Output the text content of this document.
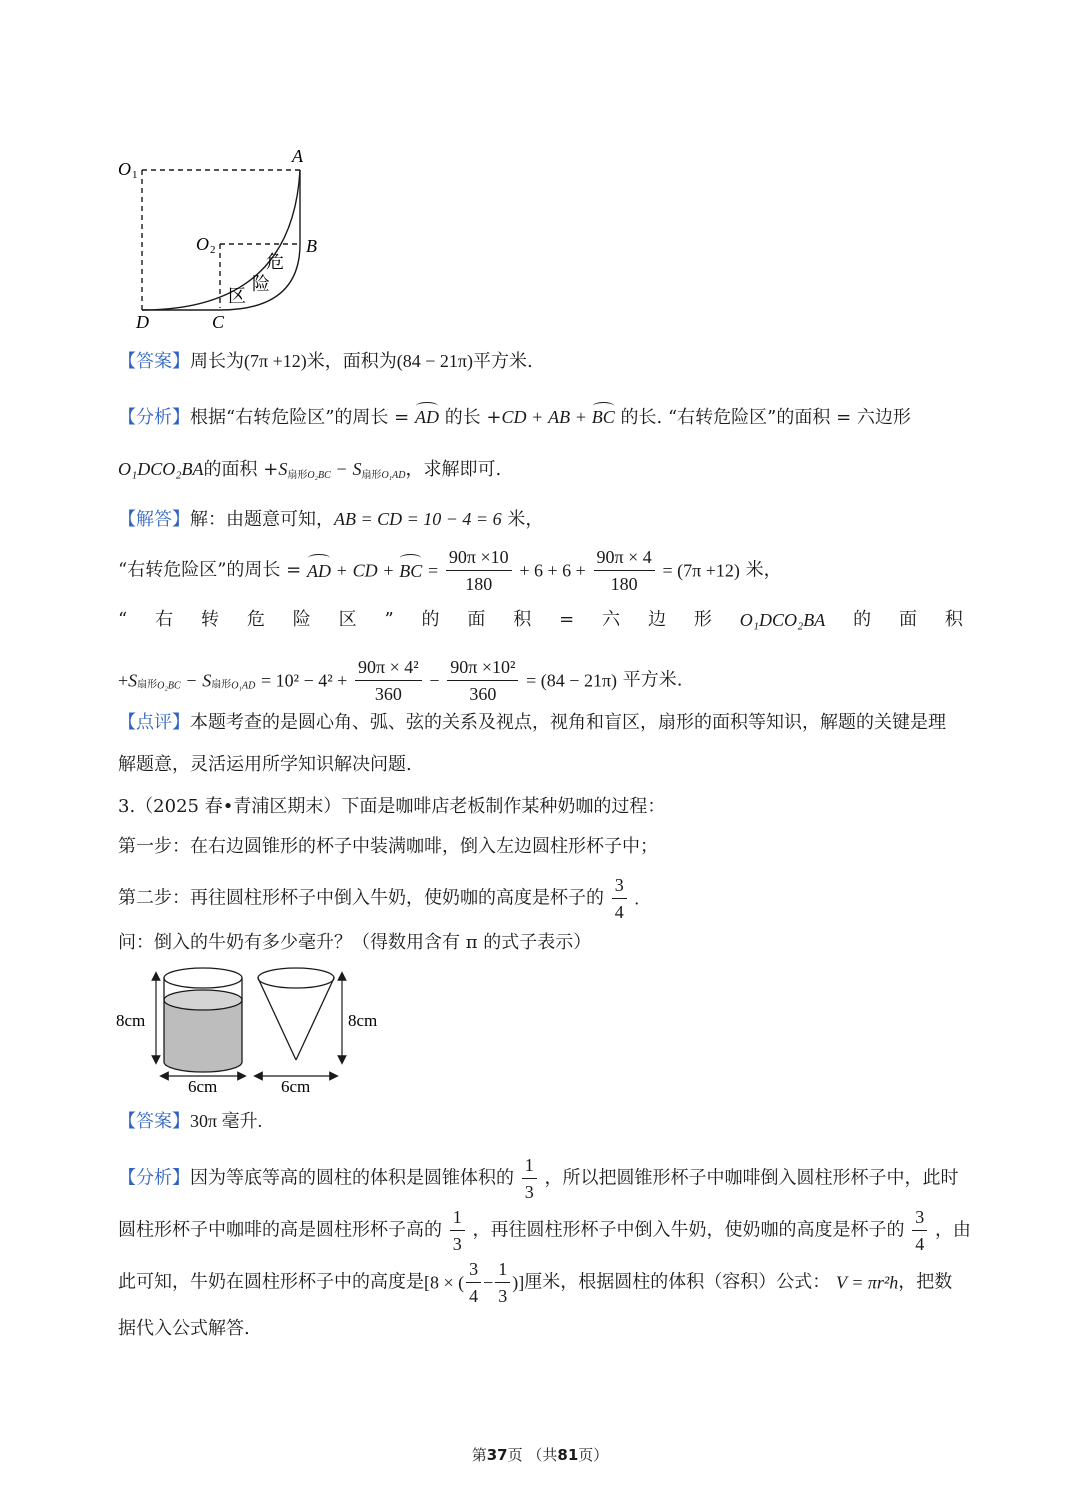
O 1
A
O 2	B
D	C
危
险
区
【答案】周长为(7π +12)米，面积为(84 − 21π)平方米.
【分析】根据“右转危险区”的周长 = AD 的长 +CD + AB + BC 的长. “右转危险区”的面积 = 六边形
O₁DCO₂BA的面积 $+S_{扇形}O_2BC - S_{扇形}O_1AD$，求解即可.
【解答】解：由题意可知，AB = CD = 10 − 4 = 6 米，
“右转危险区”的周长 = AD + CD + BC = $\frac{90\pi \times 10}{180} + 6 + 6 + \frac{90\pi \times 4}{180} = (7\pi +12)$ 米，
“ 右 转 危 险 区 ” 的 面 积 = 六 边 形 O₁DCO₂BA 的 面 积
$+S_{扇形}O_2BC - S_{扇形}O_1AD = 10^2 - 4^2 + \frac{\text{90π × 4²}}{360} - \frac{\text{90π ×10²}}{360} = (84 - 21\pi)$ 平方米.
【点评】本题考查的是圆心角、弧、弦的关系及视点，视角和盲区，扇形的面积等知识，解题的关键是理
解题意，灵活运用所学知识解决问题.
3.（2025 春•青浦区期末）下面是咖啡店老板制作某种奶咖的过程：
第一步：在右边圆锥形的杯子中装满咖啡，倒入左边圆柱形杯子中；
第二步：再往圆柱形杯子中倒入牛奶，使奶咖的高度是杯子的 $\frac{3}{4}$ .
问：倒入的牛奶有多少毫升？（得数用含有 π 的式子表示）
8cm
6cm
8cm
6cm
【答案】30π 毫升.
【分析】因为等底等高的圆柱的体积是圆锥体积的 $\frac{1}{3}$ ，所以把圆锥形杯子中咖啡倒入圆柱形杯子中，此时
圆柱形杯子中咖啡的高是圆柱形杯子高的 $\frac{1}{3}$ ，再往圆柱形杯子中倒入牛奶，使奶咖的高度是杯子的 $\frac{3}{4}$ ，由
此可知，牛奶在圆柱形杯子中的高度是[8 × ( $\frac{3}{4} - \frac{1}{3}$ )]厘米，根据圆柱的体积（容积）公式： V = πr²h，把数
据代入公式解答.
第37页 （共81页）
